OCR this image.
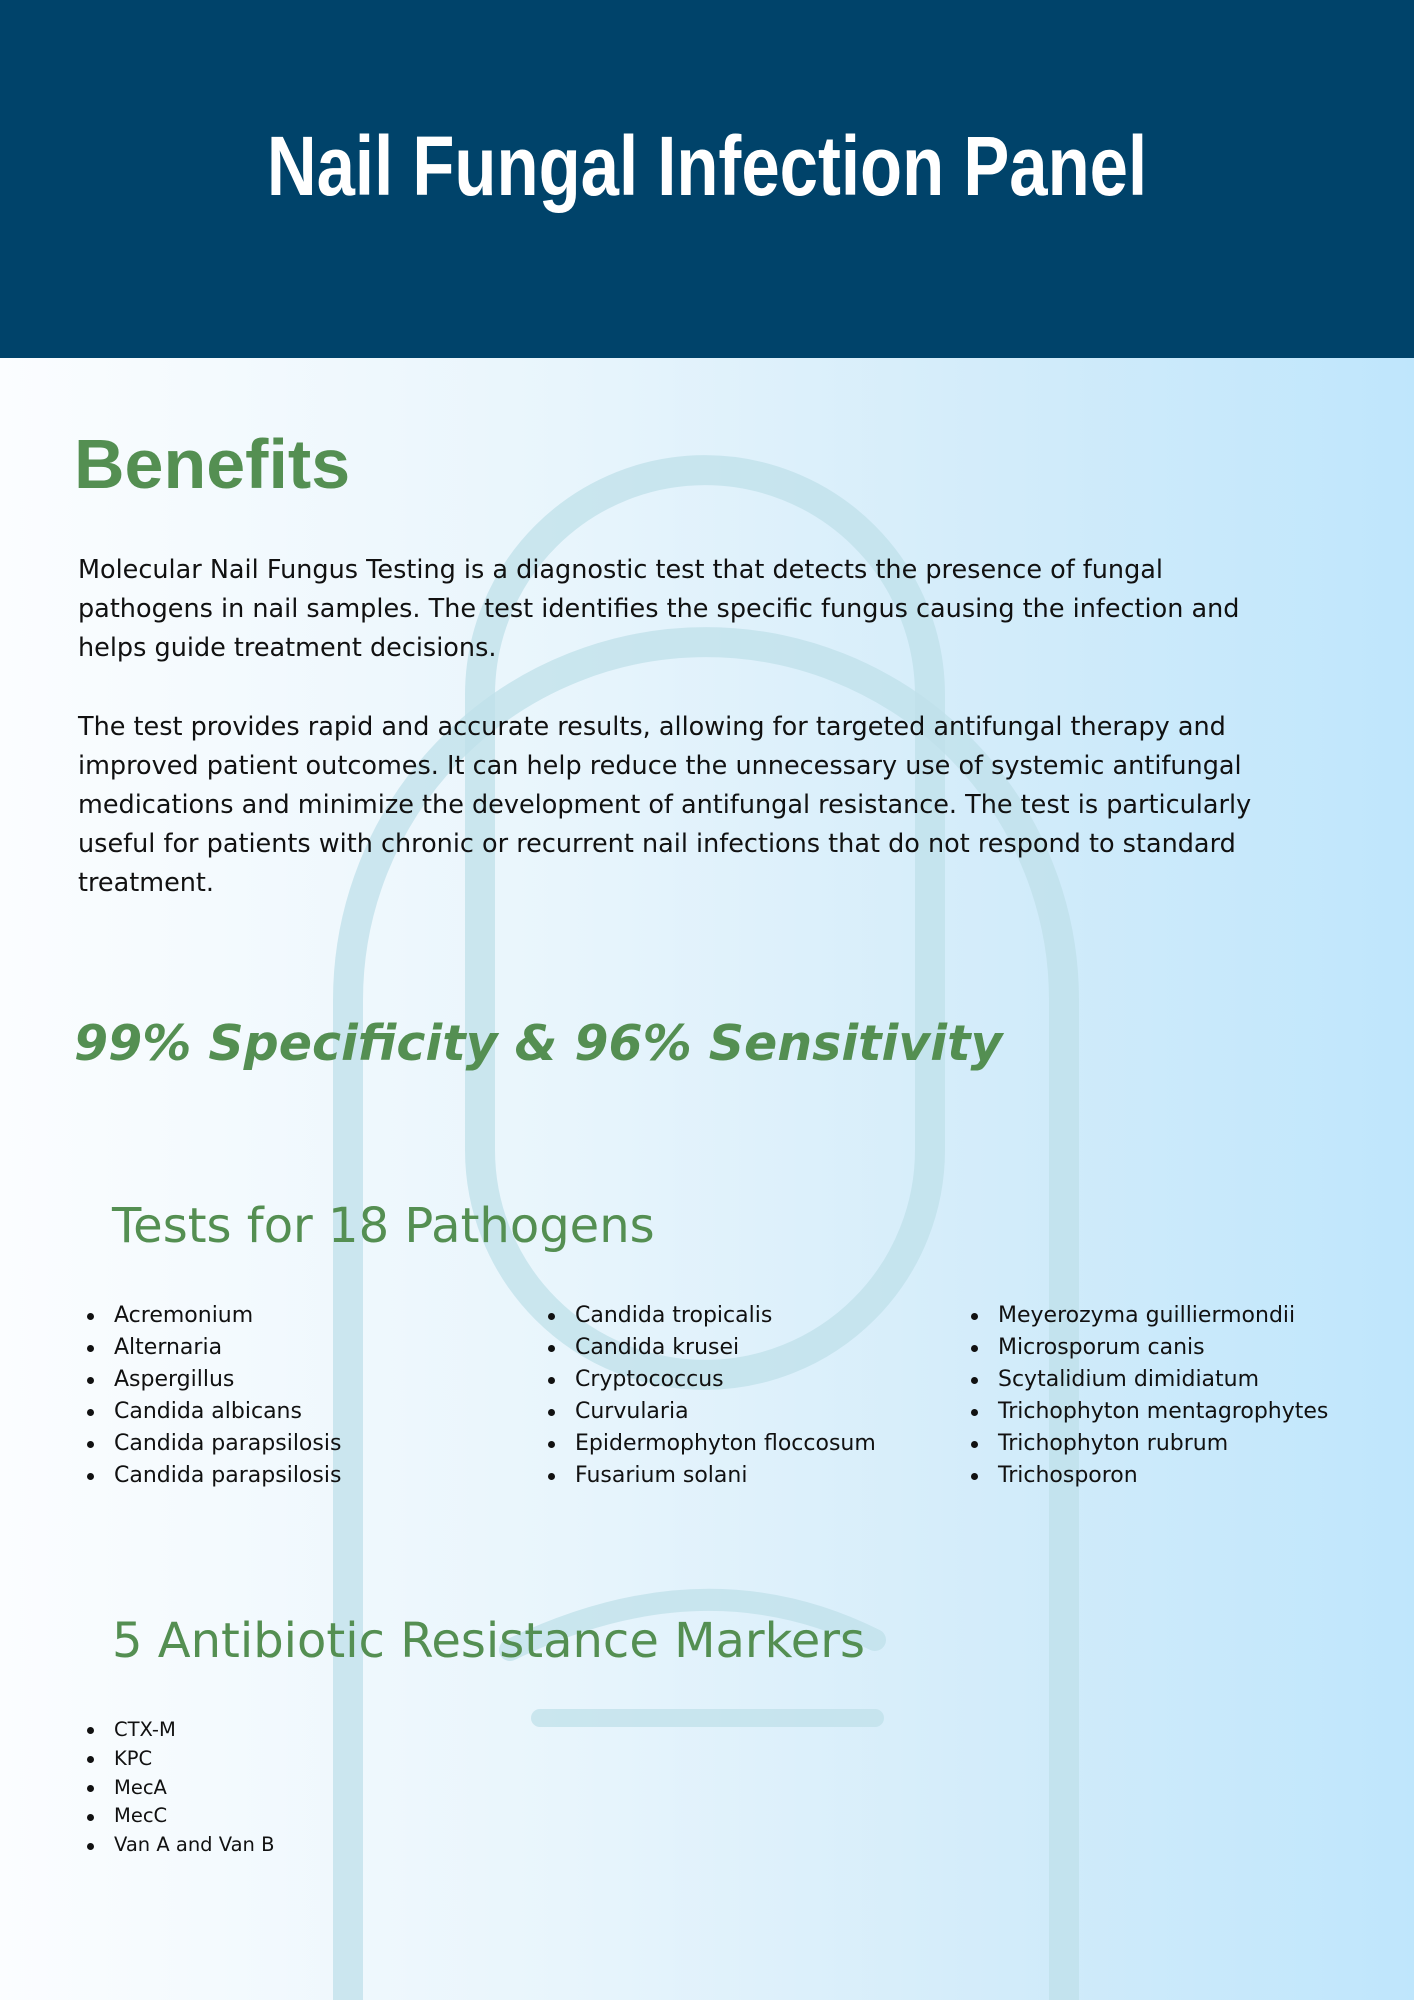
Nail Fungal Infection Panel
Benefits

Molecular Nail Fungus Testing is a diagnostic test that detects the presence of fungal pathogens in nail samples. The test identifies the specific fungus causing the infection and helps guide treatment decisions.

The test provides rapid and accurate results, allowing for targeted antifungal therapy and improved patient outcomes. It can help reduce the unnecessary use of systemic antifungal medications and minimize the development of antifungal resistance. The test is particularly useful for patients with chronic or recurrent nail infections that do not respond to standard treatment.

99% Specificity & 96% Sensitivity
Tests for 18 Pathogens
Acremonium
Alternaria
Aspergillus
Candida albicans
Candida parapsilosis
Candida parapsilosis
Candida tropicalis
Candida krusei
Cryptococcus
Curvularia
Epidermophyton floccosum
Fusarium solani
Meyerozyma guilliermondii
Microsporum canis
Scytalidium dimidiatum
Trichophyton mentagrophytes
Trichophyton rubrum
Trichosporon
5 Antibiotic Resistance Markers
CTX-M
KPC
MecA
MecC
Van A and Van B
